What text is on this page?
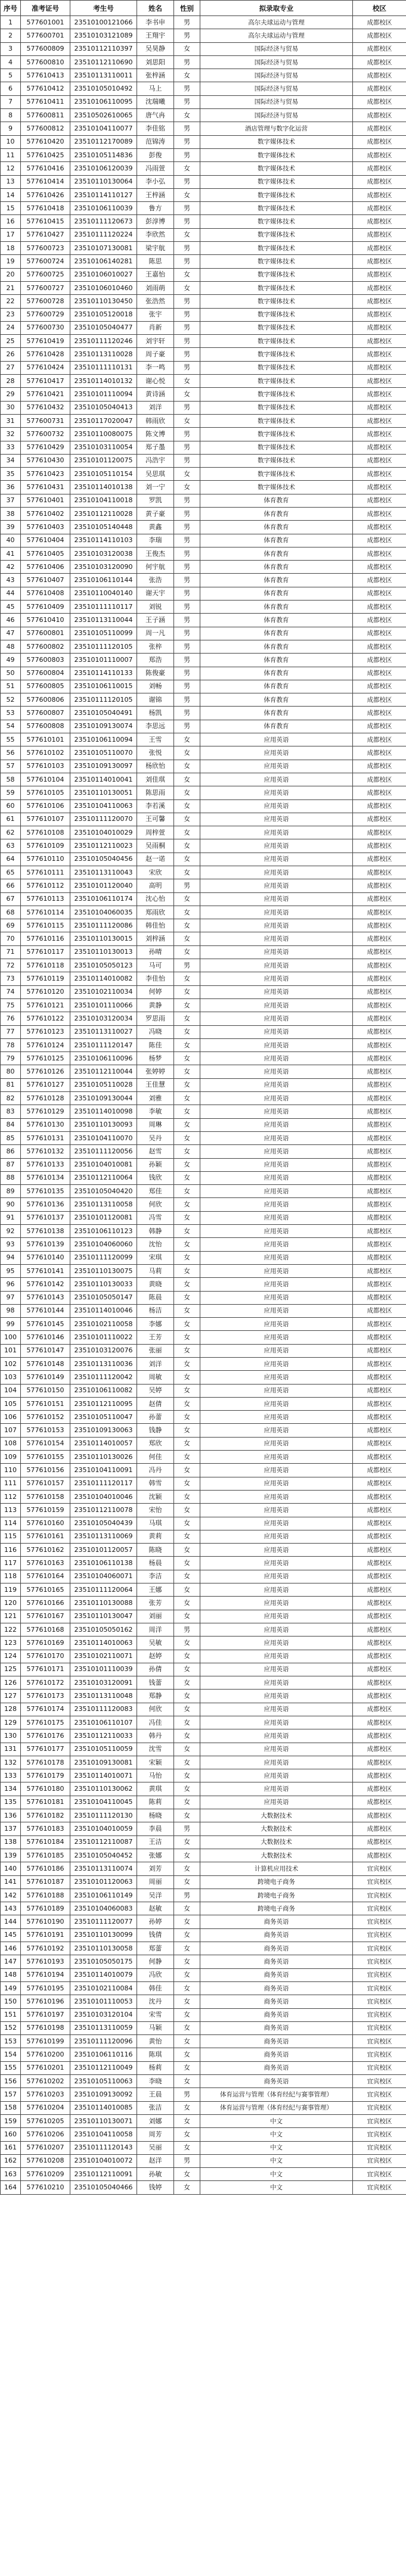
序号	准考证号	考生号	姓名	性别	拟录取专业	校区
1	577601001	23510100121066	李书申	男	高尔夫球运动与管理	成都校区
2	577600701	23510103121089	王翔宇	男	高尔夫球运动与管理	成都校区
3	577600809	23510112110397	吴昊静	女	国际经济与贸易	成都校区
4	577600810	23510112110690	刘思阳	男	国际经济与贸易	成都校区
5	577610413	23510113110011	张梓涵	女	国际经济与贸易	成都校区
6	577610412	23510105010492	马上	男	国际经济与贸易	成都校区
7	577610411	23510106110095	沈瑞曦	男	国际经济与贸易	成都校区
8	577600811	23510502610065	唐气冉	女	国际经济与贸易	成都校区
9	577600812	23510104110077	李佳铭	男	酒店管理与数字化运营	成都校区
10	577610420	23510112170089	范锦涛	男	数字媒体技术	成都校区
11	577610425	23510105114836	彭俊	男	数字媒体技术	成都校区
12	577610416	23510106120039	冯雨萱	女	数字媒体技术	成都校区
13	577610414	23510110130064	李小弘	男	数字媒体技术	成都校区
14	577610426	23510114110127	王梓涵	女	数字媒体技术	成都校区
15	577610418	23510106110039	鲁方	男	数字媒体技术	成都校区
16	577610415	23510111120673	彭淳博	男	数字媒体技术	成都校区
17	577610427	23510111120224	李欣然	女	数字媒体技术	成都校区
18	577600723	23510107130081	梁宇航	男	数字媒体技术	成都校区
19	577600724	23510106140281	陈思	男	数字媒体技术	成都校区
20	577600725	23510106010027	王嘉怡	女	数字媒体技术	成都校区
21	577600727	23510106010460	刘雨萌	女	数字媒体技术	成都校区
22	577600728	23510110130450	张浩然	男	数字媒体技术	成都校区
23	577600729	23510105120018	张宇	男	数字媒体技术	成都校区
24	577600730	23510105040477	肖新	男	数字媒体技术	成都校区
25	577610419	23510111120246	刘宇轩	男	数字媒体技术	成都校区
26	577610428	23510113110028	周子豪	男	数字媒体技术	成都校区
27	577610424	23510111110131	李一鸣	男	数字媒体技术	成都校区
28	577610417	23510114010132	谢心悦	女	数字媒体技术	成都校区
29	577610421	23510101110094	黄诗涵	女	数字媒体技术	成都校区
30	577610432	23510105040413	刘洋	男	数字媒体技术	成都校区
31	577600731	23510117020047	韩雨欣	女	数字媒体技术	成都校区
32	577600732	23510110080075	陈文博	男	数字媒体技术	成都校区
33	577610429	23510103110054	郑子墨	男	数字媒体技术	成都校区
34	577610430	23510101120075	冯浩宇	男	数字媒体技术	成都校区
35	577610423	23510105110154	吴思琪	女	数字媒体技术	成都校区
36	577610431	23510114010138	刘一宁	女	数字媒体技术	成都校区
37	577610401	23510104110018	罗凯	男	体育教育	成都校区
38	577610402	23510112110028	黄子豪	男	体育教育	成都校区
39	577610403	23510105140448	黄鑫	男	体育教育	成都校区
40	577610404	23510114110103	李瑞	男	体育教育	成都校区
41	577610405	23510103120038	王俊杰	男	体育教育	成都校区
42	577610406	23510103120090	何宇航	男	体育教育	成都校区
43	577610407	23510106110144	张浩	男	体育教育	成都校区
44	577610408	23510110040140	谢天宇	男	体育教育	成都校区
45	577610409	23510111110117	刘锐	男	体育教育	成都校区
46	577610410	23510113110044	王子涵	男	体育教育	成都校区
47	577600801	23510105110099	周一凡	男	体育教育	成都校区
48	577600802	23510111120105	张梓	男	体育教育	成都校区
49	577600803	23510101110007	郑浩	男	体育教育	成都校区
50	577600804	23510114110133	陈俊豪	男	体育教育	成都校区
51	577600805	23510106110015	刘畅	男	体育教育	成都校区
52	577600806	23510111120105	谢锦	男	体育教育	成都校区
53	577600807	23510105040491	杨凯	男	体育教育	成都校区
54	577600808	23510109130074	李思远	男	体育教育	成都校区
55	577610101	23510106110094	王雪	女	应用英语	成都校区
56	577610102	23510105110070	张悦	女	应用英语	成都校区
57	577610103	23510109130097	杨欣怡	女	应用英语	成都校区
58	577610104	23510114010041	刘佳琪	女	应用英语	成都校区
59	577610105	23510110130051	陈思雨	女	应用英语	成都校区
60	577610106	23510104110063	李若溪	女	应用英语	成都校区
61	577610107	23510111120070	王可馨	女	应用英语	成都校区
62	577610108	23510104010029	周梓萱	女	应用英语	成都校区
63	577610109	23510112110023	吴雨桐	女	应用英语	成都校区
64	577610110	23510105040456	赵一诺	女	应用英语	成都校区
65	577610111	23510113110043	宋欣	女	应用英语	成都校区
66	577610112	23510101120040	高明	男	应用英语	成都校区
67	577610113	23510106110174	沈心怡	女	应用英语	成都校区
68	577610114	23510104060035	郑雨欣	女	应用英语	成都校区
69	577610115	23510111120086	韩佳怡	女	应用英语	成都校区
70	577610116	23510110130015	刘梓涵	女	应用英语	成都校区
71	577610117	23510110130013	孙晴	女	应用英语	成都校区
72	577610118	23510105050123	马可	男	应用英语	成都校区
73	577610119	23510114010082	李佳怡	女	应用英语	成都校区
74	577610120	23510102110034	何婷	女	应用英语	成都校区
75	577610121	23510101110066	黄静	女	应用英语	成都校区
76	577610122	23510103120034	罗思雨	女	应用英语	成都校区
77	577610123	23510113110027	冯晓	女	应用英语	成都校区
78	577610124	23510111120147	陈佳	女	应用英语	成都校区
79	577610125	23510106110096	杨梦	女	应用英语	成都校区
80	577610126	23510112110044	张婷婷	女	应用英语	成都校区
81	577610127	23510105110028	王佳慧	女	应用英语	成都校区
82	577610128	23510109130044	刘雅	女	应用英语	成都校区
83	577610129	23510114010098	李敏	女	应用英语	成都校区
84	577610130	23510110130093	周琳	女	应用英语	成都校区
85	577610131	23510104110070	吴丹	女	应用英语	成都校区
86	577610132	23510111120056	赵雪	女	应用英语	成都校区
87	577610133	23510104010081	孙颖	女	应用英语	成都校区
88	577610134	23510112110064	钱欣	女	应用英语	成都校区
89	577610135	23510105040420	郑佳	女	应用英语	成都校区
90	577610136	23510113110058	何欣	女	应用英语	成都校区
91	577610137	23510101120081	冯雪	女	应用英语	成都校区
92	577610138	23510106110123	韩静	女	应用英语	成都校区
93	577610139	23510104060060	沈怡	女	应用英语	成都校区
94	577610140	23510111120099	宋琪	女	应用英语	成都校区
95	577610141	23510110130075	马莉	女	应用英语	成都校区
96	577610142	23510110130033	黄晓	女	应用英语	成都校区
97	577610143	23510105050147	陈晨	女	应用英语	成都校区
98	577610144	23510114010046	杨洁	女	应用英语	成都校区
99	577610145	23510102110058	李娜	女	应用英语	成都校区
100	577610146	23510101110022	王芳	女	应用英语	成都校区
101	577610147	23510103120076	张丽	女	应用英语	成都校区
102	577610148	23510113110036	刘洋	女	应用英语	成都校区
103	577610149	23510111120042	周敏	女	应用英语	成都校区
104	577610150	23510106110082	吴婷	女	应用英语	成都校区
105	577610151	23510112110095	赵倩	女	应用英语	成都校区
106	577610152	23510105110047	孙蕾	女	应用英语	成都校区
107	577610153	23510109130063	钱静	女	应用英语	成都校区
108	577610154	23510114010057	郑欣	女	应用英语	成都校区
109	577610155	23510110130026	何佳	女	应用英语	成都校区
110	577610156	23510104110091	冯丹	女	应用英语	成都校区
111	577610157	23510111120117	韩雪	女	应用英语	成都校区
112	577610158	23510104010046	沈颖	女	应用英语	成都校区
113	577610159	23510112110078	宋怡	女	应用英语	成都校区
114	577610160	23510105040439	马琪	女	应用英语	成都校区
115	577610161	23510113110069	黄莉	女	应用英语	成都校区
116	577610162	23510101120057	陈晓	女	应用英语	成都校区
117	577610163	23510106110138	杨晨	女	应用英语	成都校区
118	577610164	23510104060071	李洁	女	应用英语	成都校区
119	577610165	23510111120064	王娜	女	应用英语	成都校区
120	577610166	23510110130088	张芳	女	应用英语	成都校区
121	577610167	23510110130047	刘丽	女	应用英语	成都校区
122	577610168	23510105050162	周洋	男	应用英语	成都校区
123	577610169	23510114010063	吴敏	女	应用英语	成都校区
124	577610170	23510102110071	赵婷	女	应用英语	成都校区
125	577610171	23510101110039	孙倩	女	应用英语	成都校区
126	577610172	23510103120091	钱蕾	女	应用英语	成都校区
127	577610173	23510113110048	郑静	女	应用英语	成都校区
128	577610174	23510111120083	何欣	女	应用英语	成都校区
129	577610175	23510106110107	冯佳	女	应用英语	成都校区
130	577610176	23510112110033	韩丹	女	应用英语	成都校区
131	577610177	23510105110059	沈雪	女	应用英语	成都校区
132	577610178	23510109130081	宋颖	女	应用英语	成都校区
133	577610179	23510114010071	马怡	女	应用英语	成都校区
134	577610180	23510110130062	黄琪	女	应用英语	成都校区
135	577610181	23510104110045	陈莉	女	应用英语	成都校区
136	577610182	23510111120130	杨晓	女	大数据技术	成都校区
137	577610183	23510104010059	李晨	男	大数据技术	成都校区
138	577610184	23510112110087	王洁	女	大数据技术	成都校区
139	577610185	23510105040452	张娜	女	大数据技术	成都校区
140	577610186	23510113110074	刘芳	女	计算机应用技术	宜宾校区
141	577610187	23510101120063	周丽	女	跨境电子商务	宜宾校区
142	577610188	23510106110149	吴洋	男	跨境电子商务	宜宾校区
143	577610189	23510104060083	赵敏	女	跨境电子商务	宜宾校区
144	577610190	23510111120077	孙婷	女	商务英语	宜宾校区
145	577610191	23510110130099	钱倩	女	商务英语	宜宾校区
146	577610192	23510110130058	郑蕾	女	商务英语	宜宾校区
147	577610193	23510105050175	何静	女	商务英语	宜宾校区
148	577610194	23510114010079	冯欣	女	商务英语	宜宾校区
149	577610195	23510102110084	韩佳	女	商务英语	宜宾校区
150	577610196	23510101110053	沈丹	女	商务英语	宜宾校区
151	577610197	23510103120104	宋雪	女	商务英语	宜宾校区
152	577610198	23510113110059	马颖	女	商务英语	宜宾校区
153	577610199	23510111120096	黄怡	女	商务英语	宜宾校区
154	577610200	23510106110116	陈琪	女	商务英语	宜宾校区
155	577610201	23510112110049	杨莉	女	商务英语	宜宾校区
156	577610202	23510105110063	李晓	女	商务英语	宜宾校区
157	577610203	23510109130092	王晨	男	体育运营与管理（体育经纪与赛事管理）	宜宾校区
158	577610204	23510114010085	张洁	女	体育运营与管理（体育经纪与赛事管理）	宜宾校区
159	577610205	23510110130071	刘娜	女	中文	宜宾校区
160	577610206	23510104110058	周芳	女	中文	宜宾校区
161	577610207	23510111120143	吴丽	女	中文	宜宾校区
162	577610208	23510104010072	赵洋	男	中文	宜宾校区
163	577610209	23510112110091	孙敏	女	中文	宜宾校区
164	577610210	23510105040466	钱婷	女	中文	宜宾校区
